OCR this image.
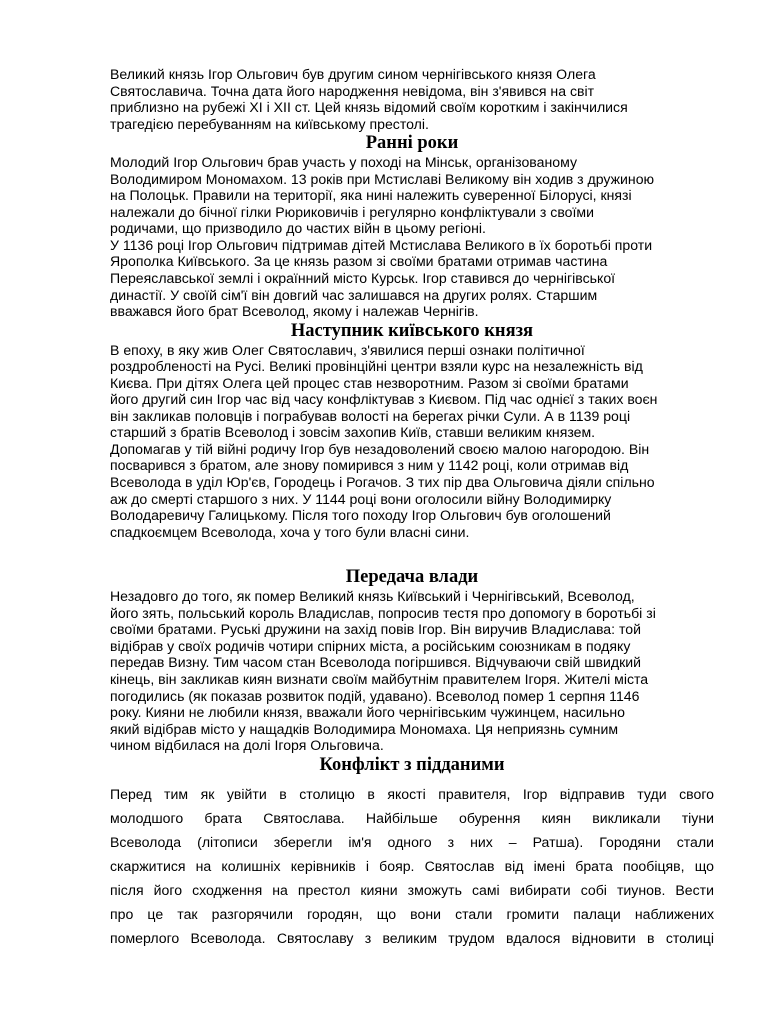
Великий князь Ігор Ольгович був другим сином чернігівського князя Олега
Святославича. Точна дата його народження невідома, він з'явився на світ
приблизно на рубежі XI і XII ст. Цей князь відомий своїм коротким і закінчилися
трагедією перебуванням на київському престолі.

Ранні роки

Молодий Ігор Ольгович брав участь у поході на Мінськ, організованому
Володимиром Мономахом. 13 років при Мстиславі Великому він ходив з дружиною
на Полоцьк. Правили на території, яка нині належить суверенної Білорусі, князі
належали до бічної гілки Рюриковичів і регулярно конфліктували з своїми
родичами, що призводило до частих війн в цьому регіоні.

У 1136 році Ігор Ольгович підтримав дітей Мстислава Великого в їх боротьбі проти
Ярополка Київського. За це князь разом зі своїми братами отримав частина
Переяславської землі і окраїнний місто Курськ. Ігор ставився до чернігівської
династії. У своїй сім'ї він довгий час залишався на других ролях. Старшим
вважався його брат Всеволод, якому і належав Чернігів.

Наступник київського князя

В епоху, в яку жив Олег Святославич, з'явилися перші ознаки політичної
роздробленості на Русі. Великі провінційні центри взяли курс на незалежність від
Києва. При дітях Олега цей процес став незворотним. Разом зі своїми братами
його другий син Ігор час від часу конфліктував з Києвом. Під час однієї з таких воєн
він закликав половців і пограбував волості на берегах річки Сули. А в 1139 році
старший з братів Всеволод і зовсім захопив Київ, ставши великим князем.
Допомагав у тій війні родичу Ігор був незадоволений своєю малою нагородою. Він
посварився з братом, але знову помирився з ним у 1142 році, коли отримав від
Всеволода в уділ Юр'єв, Городець і Рогачов. З тих пір два Ольговича діяли спільно
аж до смерті старшого з них. У 1144 році вони оголосили війну Володимирку
Володаревичу Галицькому. Після того походу Ігор Ольгович був оголошений
спадкоємцем Всеволода, хоча у того були власні сини.

Передача влади

Незадовго до того, як помер Великий князь Київський і Чернігівський, Всеволод,
його зять, польський король Владислав, попросив тестя про допомогу в боротьбі зі
своїми братами. Руські дружини на захід повів Ігор. Він виручив Владислава: той
відібрав у своїх родичів чотири спірних міста, а російським союзникам в подяку
передав Визну. Тим часом стан Всеволода погіршився. Відчуваючи свій швидкий
кінець, він закликав киян визнати своїм майбутнім правителем Ігоря. Жителі міста
погодились (як показав розвиток подій, удавано). Всеволод помер 1 серпня 1146
року. Кияни не любили князя, вважали його чернігівським чужинцем, насильно
який відібрав місто у нащадків Володимира Мономаха. Ця неприязнь сумним
чином відбилася на долі Ігоря Ольговича.

Конфлікт з підданими
Перед тим як увійти в столицю в якості правителя, Ігор відправив туди свого
молодшого брата Святослава. Найбільше обурення киян викликали тіуни
Всеволода (літописи зберегли ім'я одного з них – Ратша). Городяни стали
скаржитися на колишніх керівників і бояр. Святослав від імені брата пообіцяв, що
після його сходження на престол кияни зможуть самі вибирати собі тиунов. Вести
про це так разгорячили городян, що вони стали громити палаци наближених
померлого Всеволода. Святославу з великим трудом вдалося відновити в столиці
